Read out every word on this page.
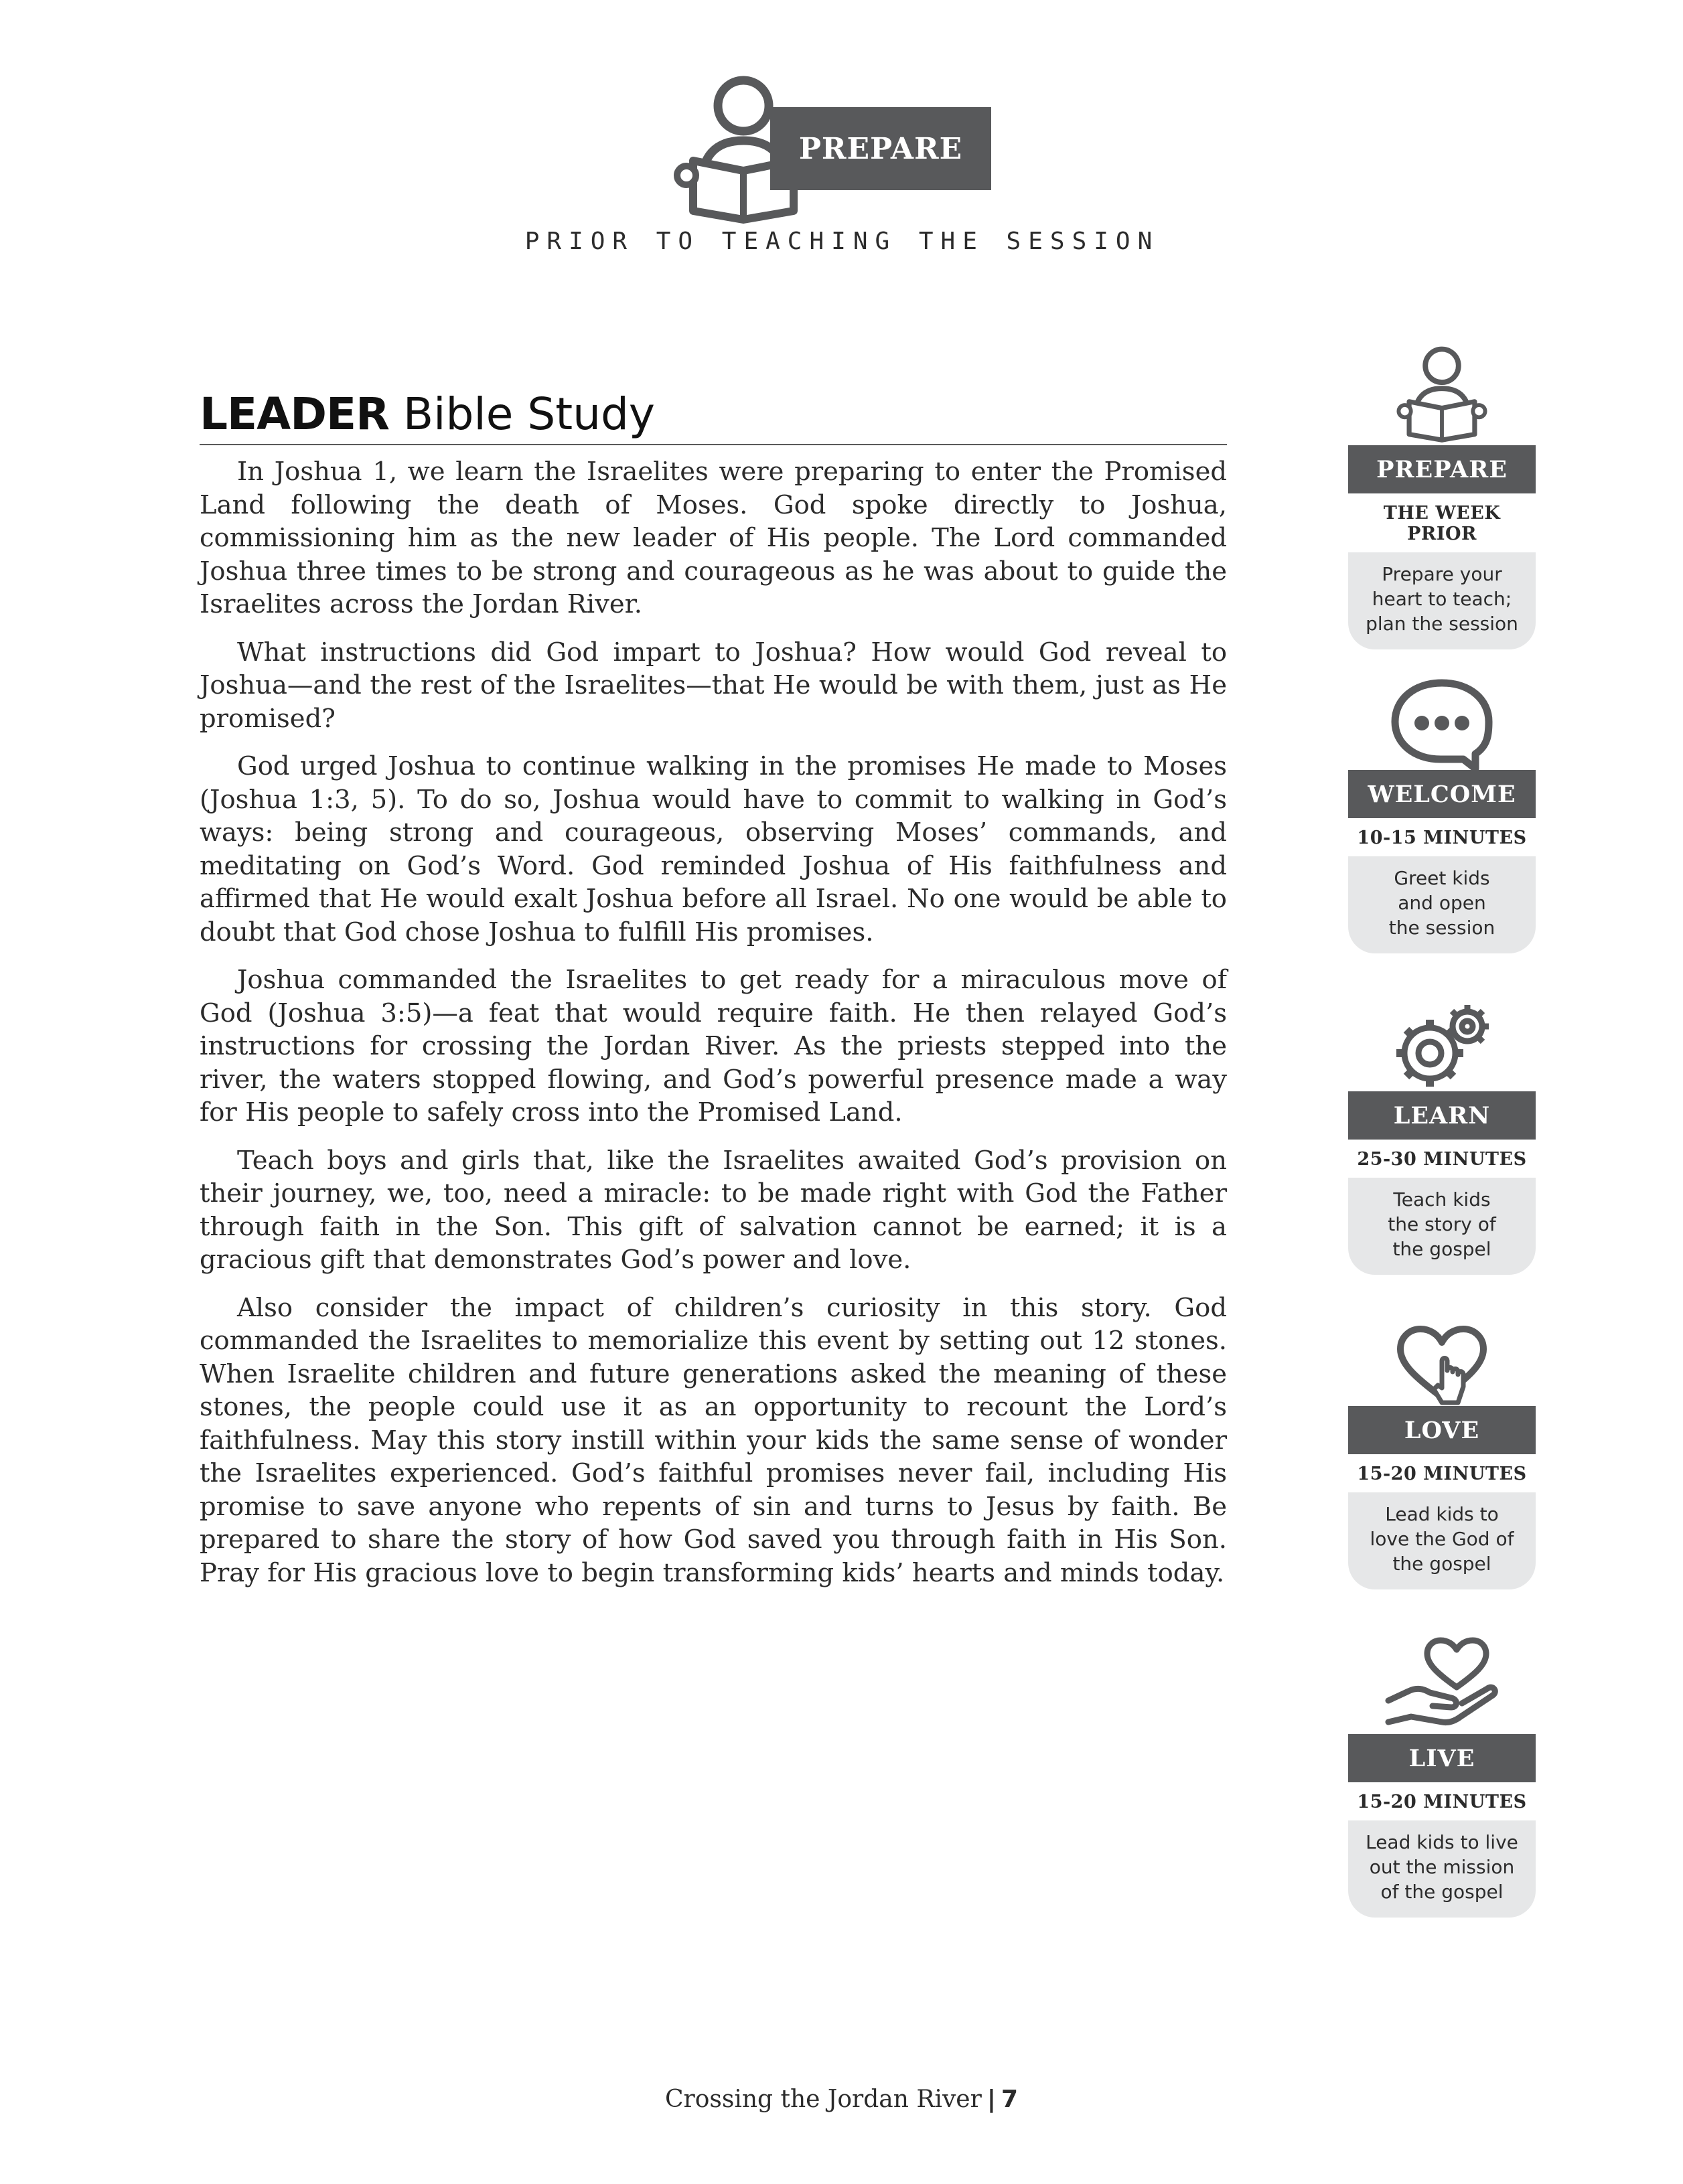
PREPARE
PRIOR TO TEACHING THE SESSION
LEADER Bible Study

In Joshua 1, we learn the Israelites were preparing to enter the Promised Land following the death of Moses. God spoke directly to Joshua, commissioning him as the new leader of His people. The Lord commanded Joshua three times to be strong and courageous as he was about to guide the Israelites across the Jordan River.

What instructions did God impart to Joshua? How would God reveal to Joshua—and the rest of the Israelites—that He would be with them, just as He promised?

God urged Joshua to continue walking in the promises He made to Moses (Joshua 1:3, 5). To do so, Joshua would have to commit to walking in God’s ways: being strong and courageous, observing Moses’ commands, and meditating on God’s Word. God reminded Joshua of His faithfulness and affirmed that He would exalt Joshua before all Israel. No one would be able to doubt that God chose Joshua to fulfill His promises.

Joshua commanded the Israelites to get ready for a miraculous move of God (Joshua 3:5)—a feat that would require faith. He then relayed God’s instructions for crossing the Jordan River. As the priests stepped into the river, the waters stopped flowing, and God’s powerful presence made a way for His people to safely cross into the Promised Land.

Teach boys and girls that, like the Israelites awaited God’s provision on their journey, we, too, need a miracle: to be made right with God the Father through faith in the Son. This gift of salvation cannot be earned; it is a gracious gift that demonstrates God’s power and love.

Also consider the impact of children’s curiosity in this story. God commanded the Israelites to memorialize this event by setting out 12 stones. When Israelite children and future generations asked the meaning of these stones, the people could use it as an opportunity to recount the Lord’s faithfulness. May this story instill within your kids the same sense of wonder the Israelites experienced. God’s faithful promises never fail, including His promise to save anyone who repents of sin and turns to Jesus by faith. Be prepared to share the story of how God saved you through faith in His Son. Pray for His gracious love to begin transforming kids’ hearts and minds today.

PREPARE
THE WEEK PRIOR
Prepare your
heart to teach;
plan the session
WELCOME
10-15 MINUTES
Greet kids
and open
the session
LEARN
25-30 MINUTES
Teach kids
the story of
the gospel
LOVE
15-20 MINUTES
Lead kids to
love the God of
the gospel
LIVE
15-20 MINUTES
Lead kids to live
out the mission
of the gospel
Crossing the Jordan River | 7
